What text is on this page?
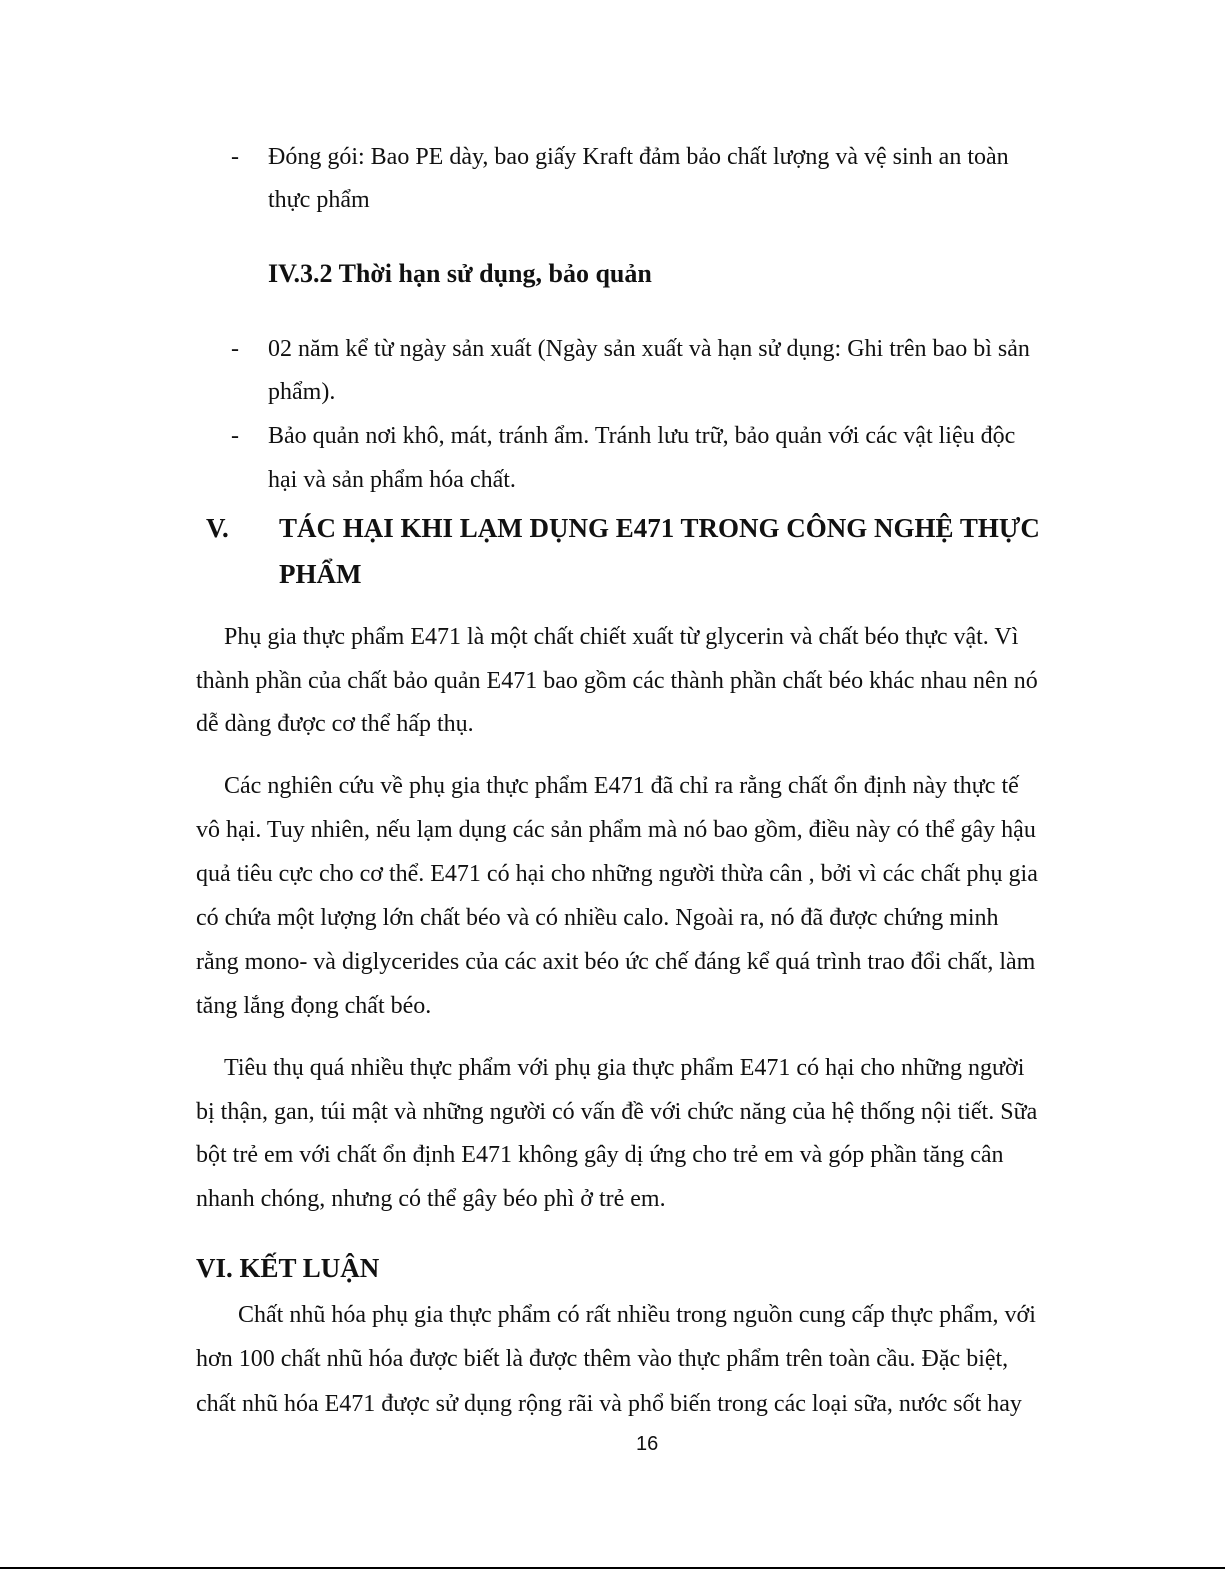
- Đóng gói: Bao PE dày, bao giấy Kraft đảm bảo chất lượng và vệ sinh an toàn

thực phẩm

IV.3.2 Thời hạn sử dụng, bảo quản
- 02 năm kể từ ngày sản xuất (Ngày sản xuất và hạn sử dụng: Ghi trên bao bì sản

phẩm).

- Bảo quản nơi khô, mát, tránh ẩm. Tránh lưu trữ, bảo quản với các vật liệu độc

hại và sản phẩm hóa chất.

V. TÁC HẠI KHI LẠM DỤNG E471 TRONG CÔNG NGHỆ THỰC
PHẨM

Phụ gia thực phẩm E471 là một chất chiết xuất từ glycerin và chất béo thực vật. Vì

thành phần của chất bảo quản E471 bao gồm các thành phần chất béo khác nhau nên nó

dễ dàng được cơ thể hấp thụ.

Các nghiên cứu về phụ gia thực phẩm E471 đã chỉ ra rằng chất ổn định này thực tế

vô hại. Tuy nhiên, nếu lạm dụng các sản phẩm mà nó bao gồm, điều này có thể gây hậu

quả tiêu cực cho cơ thể. E471 có hại cho những người thừa cân , bởi vì các chất phụ gia

có chứa một lượng lớn chất béo và có nhiều calo. Ngoài ra, nó đã được chứng minh

rằng mono- và diglycerides của các axit béo ức chế đáng kể quá trình trao đổi chất, làm

tăng lắng đọng chất béo.

Tiêu thụ quá nhiều thực phẩm với phụ gia thực phẩm E471 có hại cho những người

bị thận, gan, túi mật và những người có vấn đề với chức năng của hệ thống nội tiết. Sữa

bột trẻ em với chất ổn định E471 không gây dị ứng cho trẻ em và góp phần tăng cân

nhanh chóng, nhưng có thể gây béo phì ở trẻ em.

VI. KẾT LUẬN

Chất nhũ hóa phụ gia thực phẩm có rất nhiều trong nguồn cung cấp thực phẩm, với

hơn 100 chất nhũ hóa được biết là được thêm vào thực phẩm trên toàn cầu. Đặc biệt,

chất nhũ hóa E471 được sử dụng rộng rãi và phổ biến trong các loại sữa, nước sốt hay

16
